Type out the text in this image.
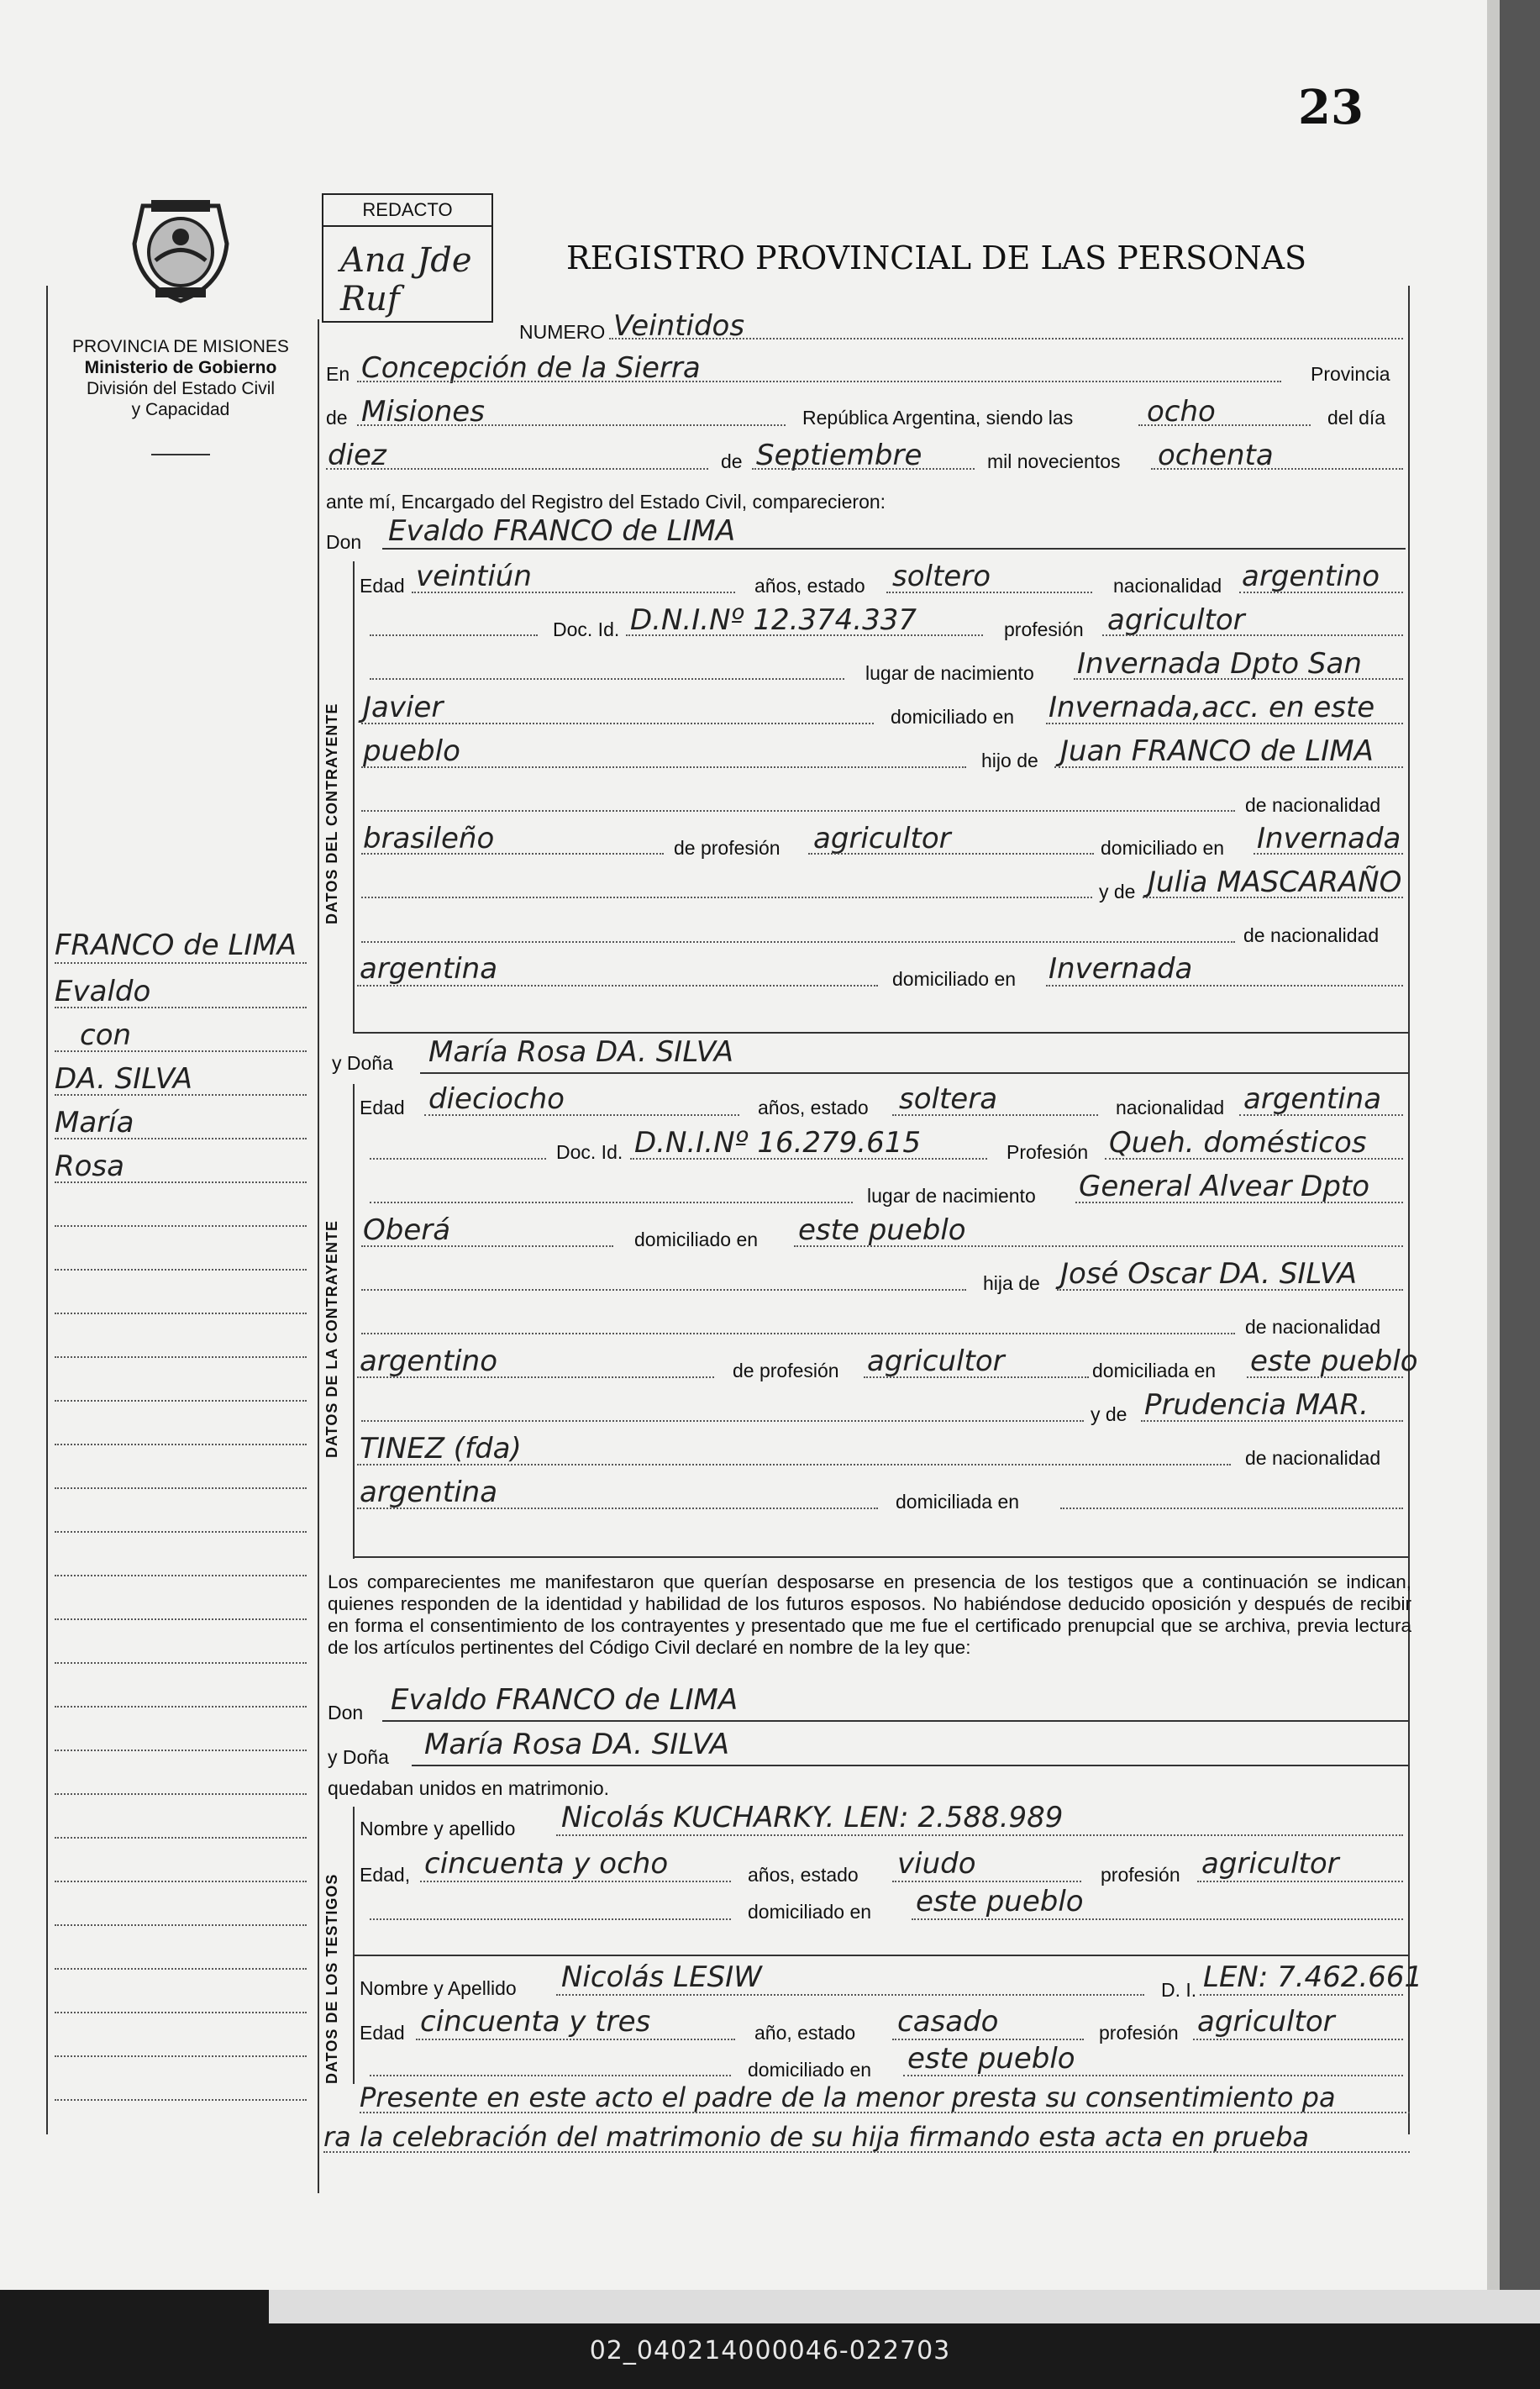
23
PROVINCIA DE MISIONES
Ministerio de Gobierno
División del Estado Civil
y Capacidad
REDACTO
Ana Jde Ruf
REGISTRO PROVINCIAL DE LAS PERSONAS
FRANCO de LIMA
Evaldo
con
DA. SILVA
María
Rosa
NUMERO Veintidos
En Concepción de la Sierra	Provincia
de Misiones	República Argentina, siendo las	ocho	del día
diez	de Septiembre	mil novecientos ochenta
ante mí, Encargado del Registro del Estado Civil, comparecieron:
Don Evaldo FRANCO de LIMA
DATOS DEL CONTRAYENTE
Edad veintiún	años, estado soltero	nacionalidad argentino
Doc. Id. D.N.I.Nº 12.374.337	profesión agricultor
lugar de nacimiento Invernada Dpto San
Javier	domiciliado en Invernada,acc. en este
pueblo	hijo de Juan FRANCO de LIMA
de nacionalidad
brasileño	de profesión agricultor	domiciliado en Invernada
y de Julia MASCARAÑO
de nacionalidad
argentina	domiciliado en Invernada
y Doña María Rosa DA. SILVA
DATOS DE LA CONTRAYENTE
Edad dieciocho	años, estado soltera	nacionalidad argentina
Doc. Id. D.N.I.Nº 16.279.615	Profesión Queh. domésticos
lugar de nacimiento General Alvear Dpto
Oberá	domiciliado en este pueblo
hija de José Oscar DA. SILVA
de nacionalidad
argentino	de profesión agricultor	domiciliada en este pueblo
y de Prudencia MAR.
TINEZ (fda)	de nacionalidad
argentina	domiciliada en
Los comparecientes me manifestaron que querían desposarse en presencia de los testigos que a continuación se indican, quienes responden de la identidad y habilidad de los futuros esposos. No habiéndose deducido oposición y después de recibir en forma el consentimiento de los contrayentes y presentado que me fue el certificado prenupcial que se archiva, previa lectura de los artículos pertinentes del Código Civil declaré en nombre de la ley que:
Don Evaldo FRANCO de LIMA
y Doña María Rosa DA. SILVA
quedaban unidos en matrimonio.
DATOS DE LOS TESTIGOS
Nombre y apellido Nicolás KUCHARKY. LEN: 2.588.989
Edad, cincuenta y ocho	años, estado viudo	profesión agricultor
domiciliado en este pueblo
Nombre y Apellido Nicolás LESIW	D. I. LEN: 7.462.661
Edad cincuenta y tres	año, estado casado	profesión agricultor
domiciliado en este pueblo
Presente en este acto el padre de la menor presta su consentimiento pa
ra la celebración del matrimonio de su hija firmando esta acta en prueba
02_040214000046-022703
